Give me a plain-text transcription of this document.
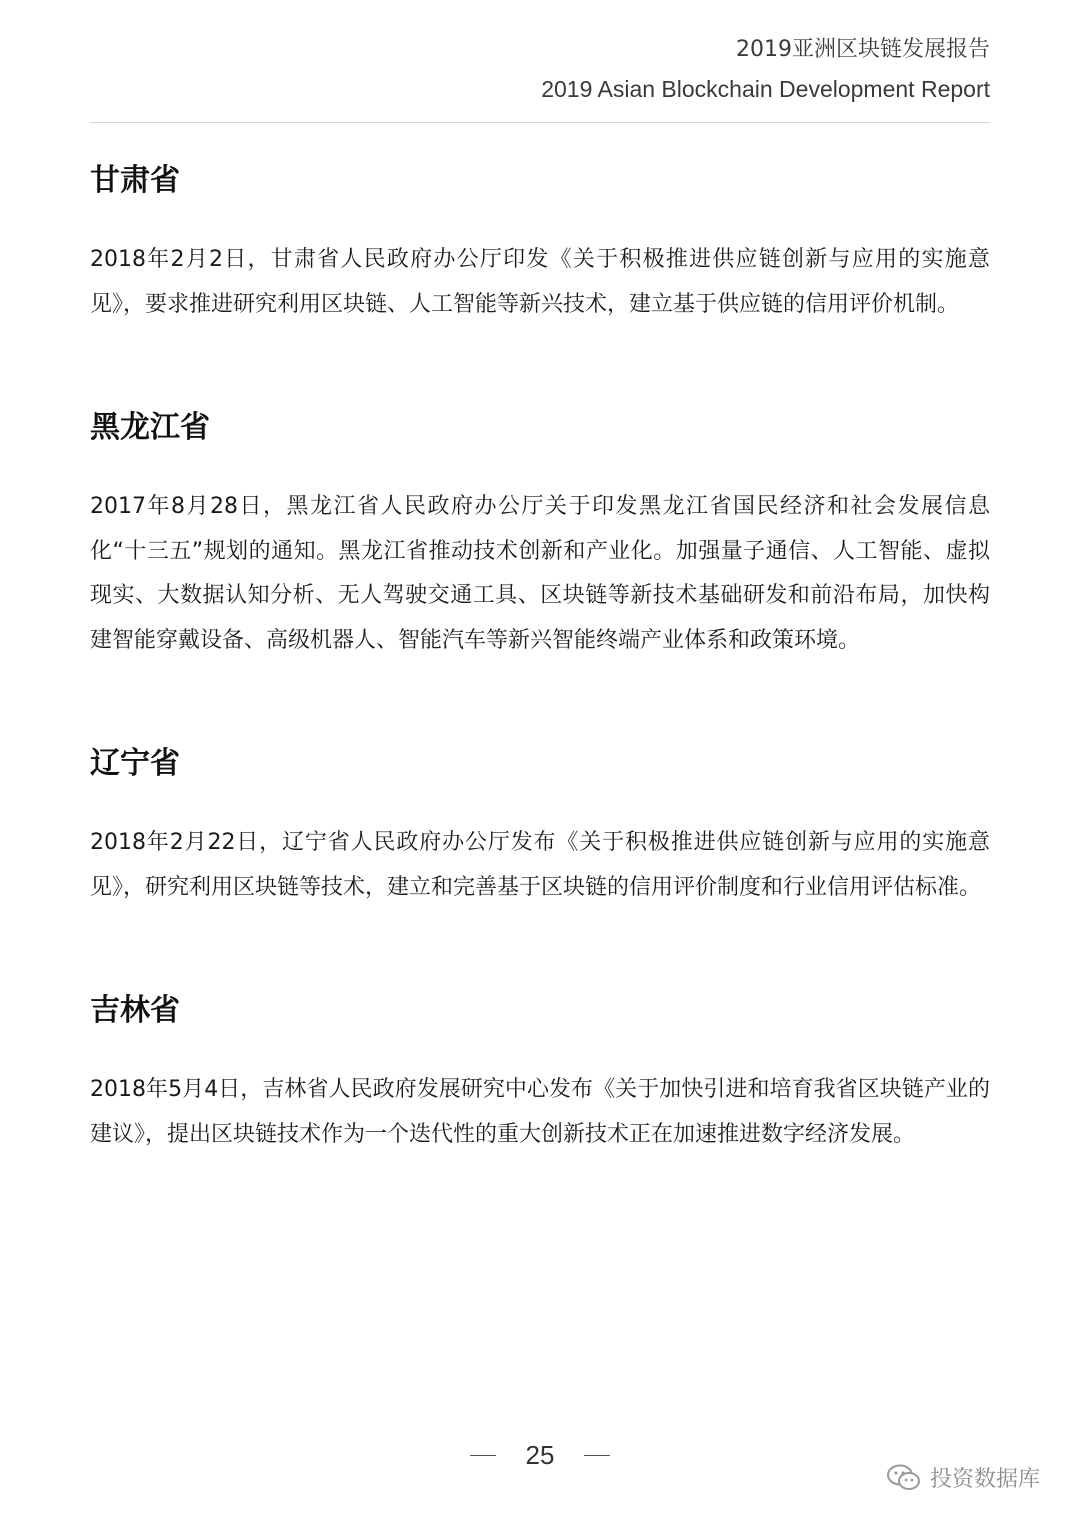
2019亚洲区块链发展报告
2019 Asian Blockchain Development Report
甘肃省

2018年2月2日，甘肃省人民政府办公厅印发《关于积极推进供应链创新与应用的实施意见》，要求推进研究利用区块链、人工智能等新兴技术，建立基于供应链的信用评价机制。

黑龙江省

2017年8月28日，黑龙江省人民政府办公厅关于印发黑龙江省国民经济和社会发展信息化“十三五”规划的通知。黑龙江省推动技术创新和产业化。加强量子通信、人工智能、虚拟现实、大数据认知分析、无人驾驶交通工具、区块链等新技术基础研发和前沿布局，加快构建智能穿戴设备、高级机器人、智能汽车等新兴智能终端产业体系和政策环境。

辽宁省

2018年2月22日，辽宁省人民政府办公厅发布《关于积极推进供应链创新与应用的实施意见》，研究利用区块链等技术，建立和完善基于区块链的信用评价制度和行业信用评估标准。

吉林省

2018年5月4日，吉林省人民政府发展研究中心发布《关于加快引进和培育我省区块链产业的建议》，提出区块链技术作为一个迭代性的重大创新技术正在加速推进数字经济发展。

25
投资数据库
